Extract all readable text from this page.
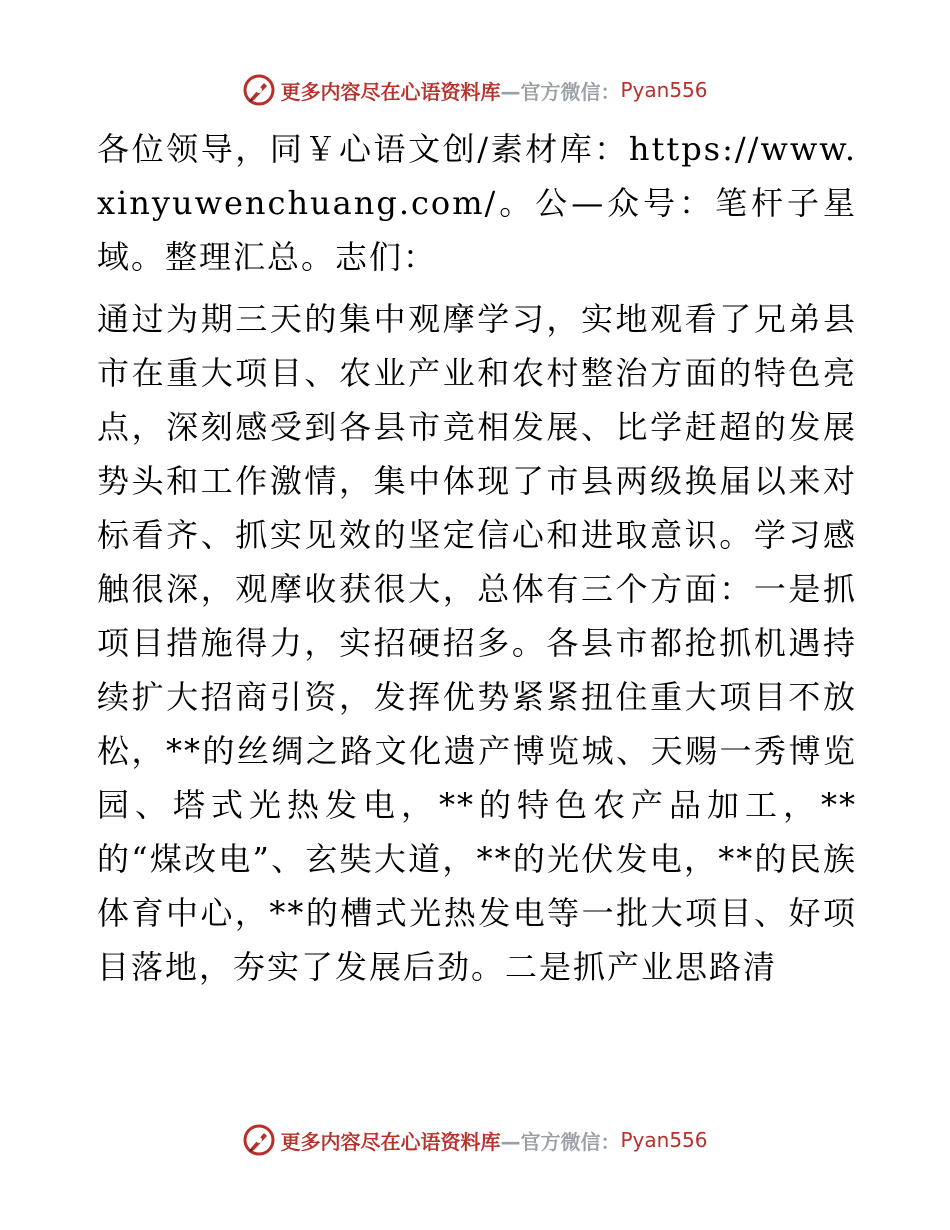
更多内容尽在心语资料库 —官方微信： Pyan556

各位领导，同￥心语文创/素材库：https://www.xinyuwenchuang.com/。公—众号：笔杆子星域。整理汇总。志们：

通过为期三天的集中观摩学习，实地观看了兄弟县市在重大项目、农业产业和农村整治方面的特色亮点，深刻感受到各县市竞相发展、比学赶超的发展势头和工作激情，集中体现了市县两级换届以来对标看齐、抓实见效的坚定信心和进取意识。学习感触很深，观摩收获很大，总体有三个方面：一是抓项目措施得力，实招硬招多。各县市都抢抓机遇持续扩大招商引资，发挥优势紧紧扭住重大项目不放松，**的丝绸之路文化遗产博览城、天赐一秀博览园、塔式光热发电，**的特色农产品加工，**的“煤改电”、玄奘大道，**的光伏发电，**的民族体育中心，**的槽式光热发电等一批大项目、好项目落地，夯实了发展后劲。二是抓产业思路清

更多内容尽在心语资料库 —官方微信： Pyan556
